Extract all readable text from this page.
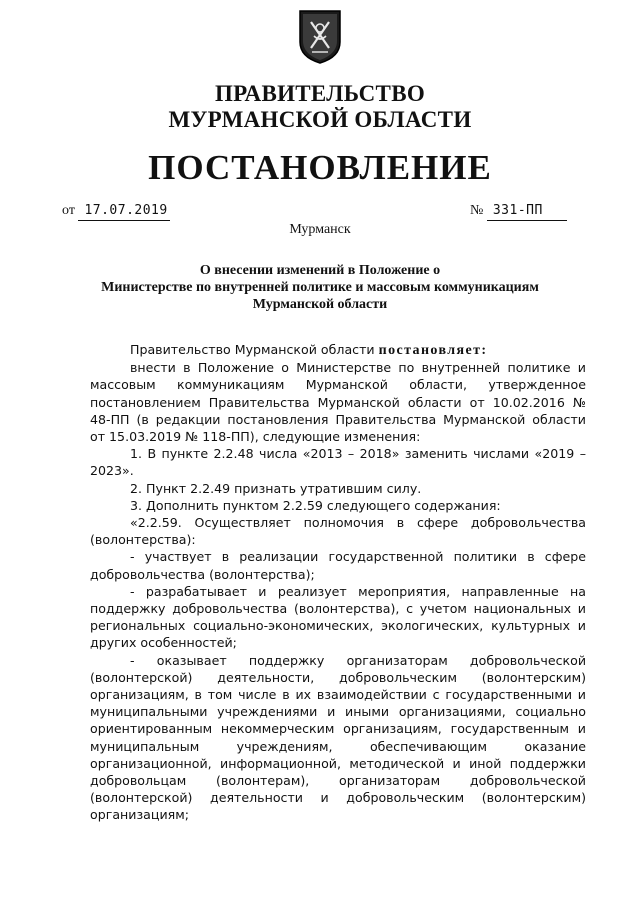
ПРАВИТЕЛЬСТВО
МУРМАНСКОЙ ОБЛАСТИ
ПОСТАНОВЛЕНИЕ
от 17.07.2019	№ 331-ПП
Мурманск
О внесении изменений в Положение о
Министерстве по внутренней политике и массовым коммуникациям
Мурманской области

Правительство Мурманской области постановляет:

внести в Положение о Министерстве по внутренней политике и массовым коммуникациям Мурманской области, утвержденное постановлением Правительства Мурманской области от 10.02.2016 № 48-ПП (в редакции постановления Правительства Мурманской области от 15.03.2019 № 118-ПП), следующие изменения:

1. В пункте 2.2.48 числа «2013 – 2018» заменить числами «2019 – 2023».

2. Пункт 2.2.49 признать утратившим силу.

3. Дополнить пунктом 2.2.59 следующего содержания:

«2.2.59. Осуществляет полномочия в сфере добровольчества (волонтерства):

- участвует в реализации государственной политики в сфере добровольчества (волонтерства);

- разрабатывает и реализует мероприятия, направленные на поддержку добровольчества (волонтерства), с учетом национальных и региональных социально-экономических, экологических, культурных и других особенностей;

- оказывает поддержку организаторам добровольческой (волонтерской) деятельности, добровольческим (волонтерским) организациям, в том числе в их взаимодействии с государственными и муниципальными учреждениями и иными организациями, социально ориентированным некоммерческим организациям, государственным и муниципальным учреждениям, обеспечивающим оказание организационной, информационной, методической и иной поддержки добровольцам (волонтерам), организаторам добровольческой (волонтерской) деятельности и добровольческим (волонтерским) организациям;
